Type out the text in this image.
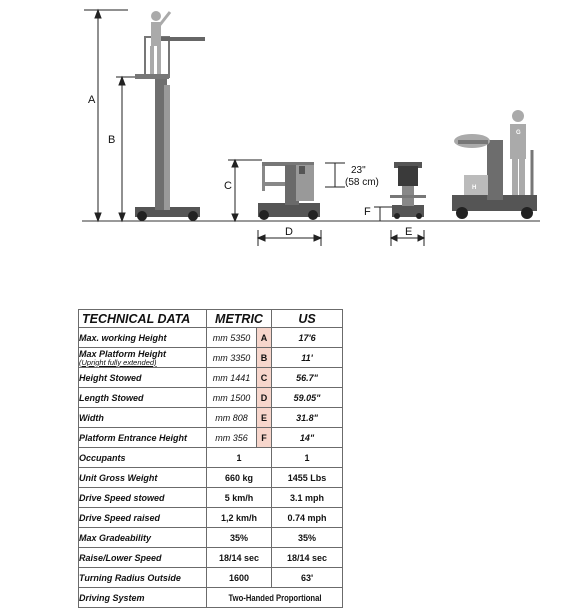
A
B
C
D	E
F
23"
(58 cm)
I	G
H
TECHNICAL DATA	METRIC		US
Max. working Height	mm 5350	A	17'6
Max Platform Height
(Upright fully extended)	mm 3350	B	11'
Height Stowed	mm 1441	C	56.7"
Length Stowed	mm 1500	D	59.05"
Width	mm 808	E	31.8"
Platform Entrance Height	mm 356	F	14"
Occupants	1		1
Unit Gross Weight	660 kg		1455 Lbs
Drive Speed stowed	5 km/h		3.1 mph
Drive Speed raised	1,2 km/h		0.74 mph
Max Gradeability	35%		35%
Raise/Lower Speed	18/14 sec		18/14 sec
Turning Radius Outside	1600		63'
Driving System	Two-Handed Proportional		
